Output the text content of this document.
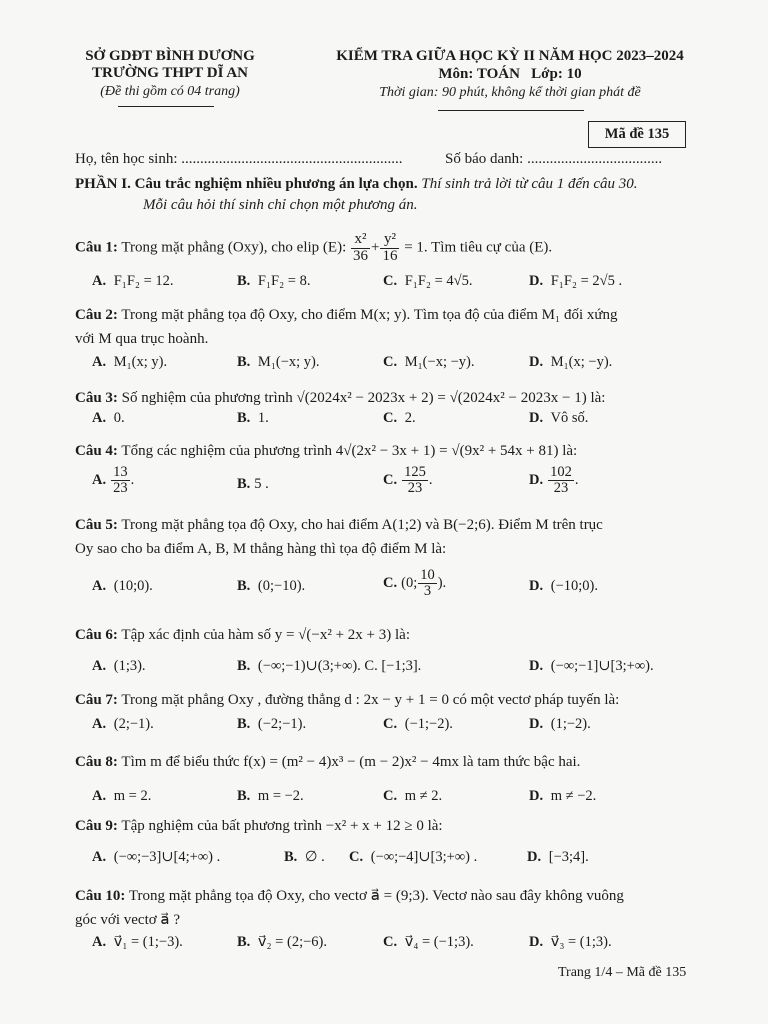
SỞ GDĐT BÌNH DƯƠNG
TRƯỜNG THPT DĨ AN
(Đề thi gồm có 04 trang)
KIỂM TRA GIỮA HỌC KỲ II NĂM HỌC 2023–2024
Môn: TOÁN   Lớp: 10
Thời gian: 90 phút, không kể thời gian phát đề
Mã đề 135
Họ, tên học sinh: ...........................................................	Số báo danh: ....................................
PHẦN I. Câu trắc nghiệm nhiều phương án lựa chọn. Thí sinh trả lời từ câu 1 đến câu 30.
Mỗi câu hỏi thí sinh chỉ chọn một phương án.
Câu 1: Trong mặt phẳng (Oxy), cho elip (E): $\frac{\text{x²}}{36} + \frac{\text{y²}}{16} = 1$. Tìm tiêu cự của (E).
A. F₁F₂ = 12.	B. F₁F₂ = 8.	C. F₁F₂ = 4√5.	D. F₁F₂ = 2√5 .
Câu 2: Trong mặt phẳng tọa độ Oxy, cho điểm M(x; y). Tìm tọa độ của điểm M₁ đối xứng
với M qua trục hoành.
A. M₁(x; y).	B. M₁(−x; y).	C. M₁(−x; −y).	D. M₁(x; −y).
Câu 3: Số nghiệm của phương trình √(2024x² − 2023x + 2) = √(2024x² − 2023x − 1) là:
A. 0.	B. 1.	C. 2.	D. Vô số.
Câu 4: Tổng các nghiệm của phương trình 4√(2x² − 3x + 1) = √(9x² + 54x + 81) là:
A. $\frac{13}{23}$ .	B. 5 .	C. $\frac{125}{23}$ .	D. $\frac{102}{23}$ .
Câu 5: Trong mặt phẳng tọa độ Oxy, cho hai điểm A(1;2) và B(−2;6). Điểm M trên trục
Oy sao cho ba điểm A, B, M thẳng hàng thì tọa độ điểm M là:
A. (10;0).	B. (0;−10).	C. (0; $\frac{10}{3}$ ).	D. (−10;0).
Câu 6: Tập xác định của hàm số y = √(−x² + 2x + 3) là:
A. (1;3).	B. (−∞;−1)∪(3;+∞). C. [−1;3].	D. (−∞;−1]∪[3;+∞).
Câu 7: Trong mặt phẳng Oxy , đường thẳng d : 2x − y + 1 = 0 có một vectơ pháp tuyến là:
A. (2;−1).	B. (−2;−1).	C. (−1;−2).	D. (1;−2).
Câu 8: Tìm m để biểu thức f(x) = (m² − 4)x³ − (m − 2)x² − 4mx là tam thức bậc hai.
A. m = 2.	B. m = −2.	C. m ≠ 2.	D. m ≠ −2.
Câu 9: Tập nghiệm của bất phương trình −x² + x + 12 ≥ 0 là:
A. (−∞;−3]∪[4;+∞) .	B. ∅ . C. (−∞;−4]∪[3;+∞) .	D. [−3;4].
Câu 10: Trong mặt phẳng tọa độ Oxy, cho vectơ a⃗ = (9;3). Vectơ nào sau đây không vuông
góc với vectơ a⃗ ?
A. v⃗₁ = (1;−3).	B. v⃗₂ = (2;−6).	C. v⃗₄ = (−1;3).	D. v⃗₃ = (1;3).
Trang 1/4 – Mã đề 135
